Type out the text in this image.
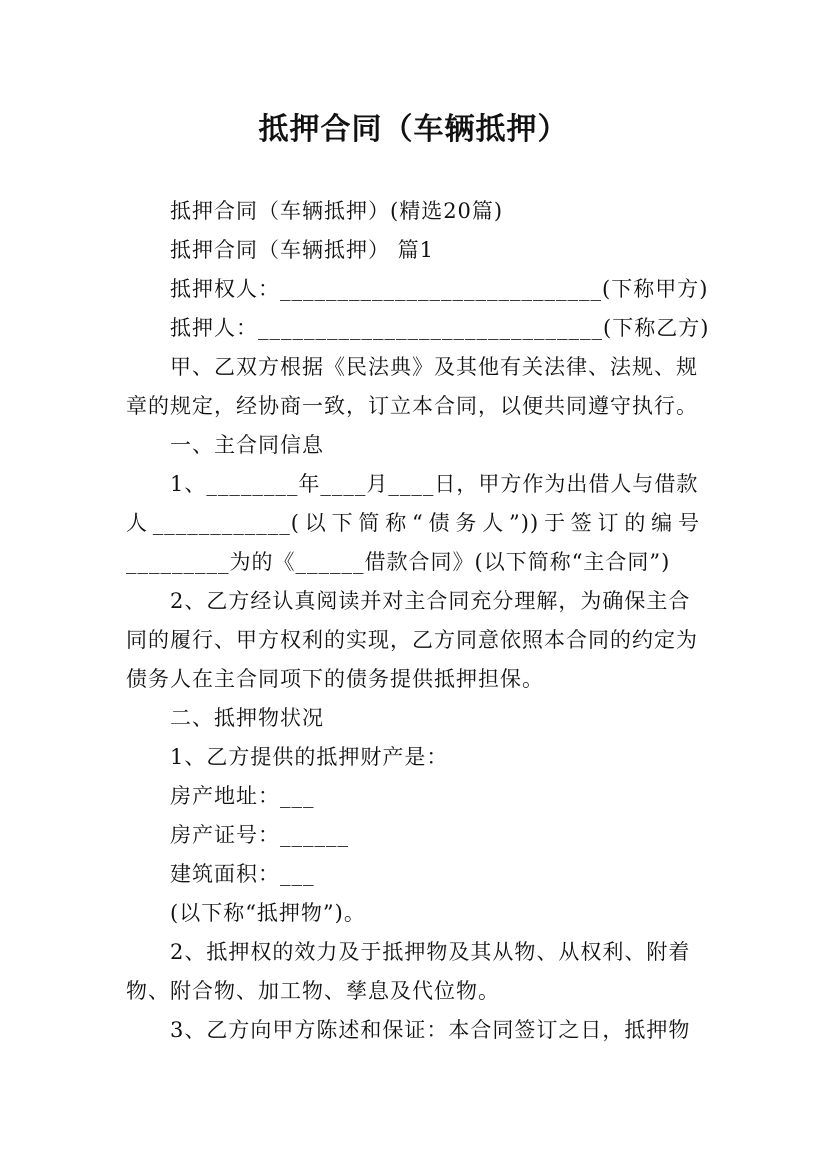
抵押合同（车辆抵押）
抵押合同（车辆抵押）(精选20篇)
抵押合同（车辆抵押） 篇1
抵押权人：____________________________(下称甲方)
抵押人：______________________________(下称乙方)
甲、乙双方根据《民法典》及其他有关法律、法规、规
章的规定，经协商一致，订立本合同，以便共同遵守执行。
一、主合同信息
1、________年____月____日，甲方作为出借人与借款
人____________(以下简称“债务人”))于签订的编号
_________为的《______借款合同》(以下简称“主合同”)
2、乙方经认真阅读并对主合同充分理解，为确保主合
同的履行、甲方权利的实现，乙方同意依照本合同的约定为
债务人在主合同项下的债务提供抵押担保。
二、抵押物状况
1、乙方提供的抵押财产是：
房产地址：___
房产证号：______
建筑面积：___
(以下称“抵押物”)。
2、抵押权的效力及于抵押物及其从物、从权利、附着
物、附合物、加工物、孳息及代位物。
3、乙方向甲方陈述和保证：本合同签订之日，抵押物
